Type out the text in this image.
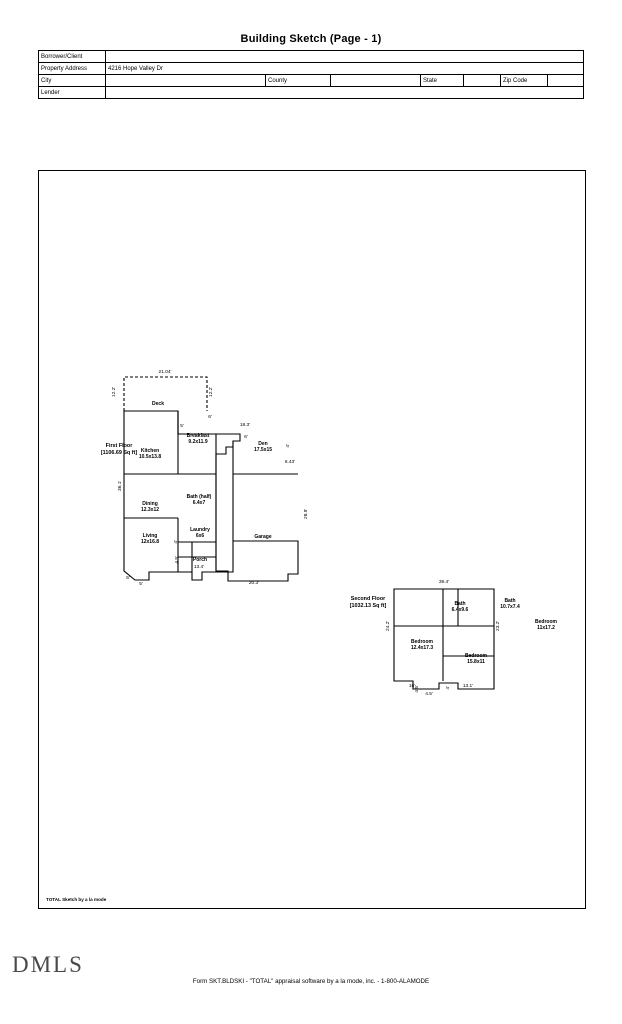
Building Sketch (Page - 1)
Borrower/Client							
Property Address	4216 Hope Valley Dr						
City		County		State		Zip Code	
Lender							
First Floor
[1106.69 Sq ft]
Deck
Breakfast
9.2x11.9	Den
17.5x15
Kitchen
10.5x13.8
Dining
12.3x12
Bath (half)
6.4x7
Living
12x16.8
Laundry
6x6
Porch
Garage
21.04'
12.2'	12.2'
6'
5'	18.3'
6'
4'
6.43'
28.9'
36.1'
4'
4.5'
13.4'
20.3'
5'
5'
Second Floor
[1032.13 Sq ft]	Bath
6.4x9.6
Bath
10.7x7.4
Bedroom
11x17.2
Bedroom
12.4x17.3
Bedroom
15.8x11
39.4'
23.2'
24.2'
16' 4.5'
4.5'
4'	13.1'
TOTAL Sketch by a la mode
DMLS
Form SKT.BLDSKI - "TOTAL" appraisal software by a la mode, inc. - 1-800-ALAMODE
